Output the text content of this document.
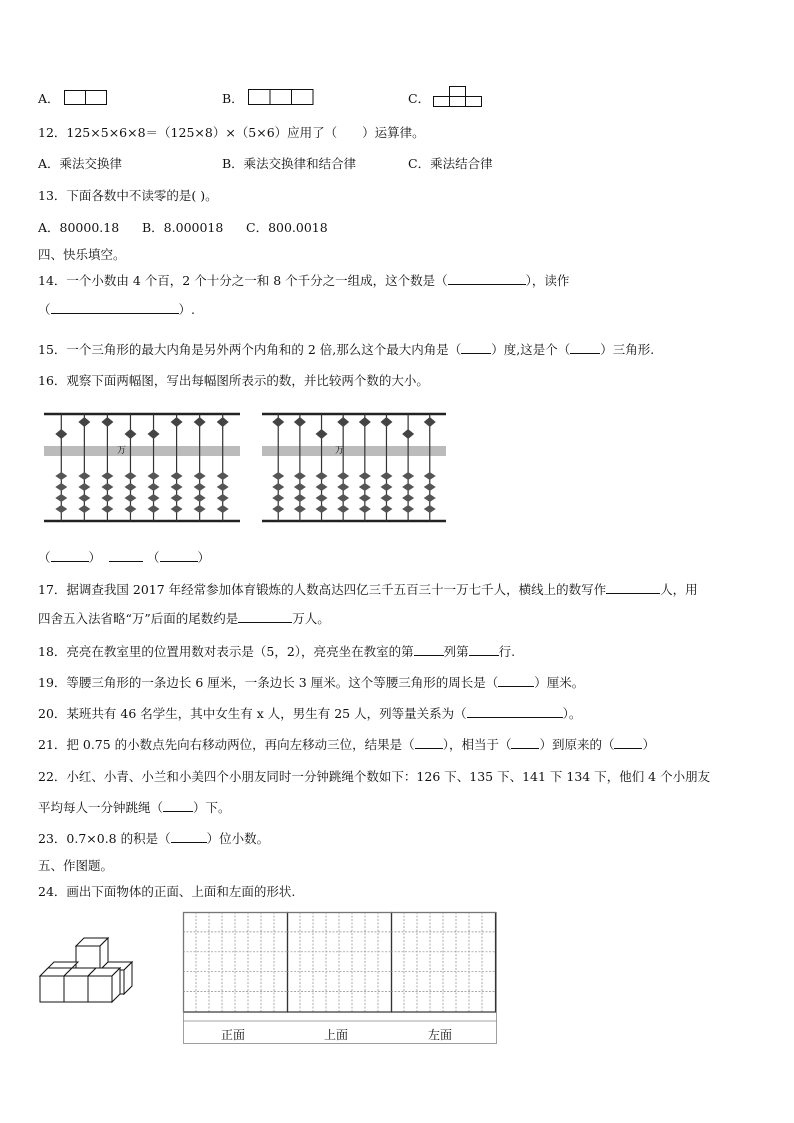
A．	B．	C．
12．125×5×6×8＝（125×8）×（5×6）应用了（　　）运算律。
A．乘法交换律	B．乘法交换律和结合律	C．乘法结合律
13．下面各数中不读零的是( )。
A．80000.18 B．8.000018 C．800.0018
四、快乐填空。
14．一个小数由 4 个百，2 个十分之一和 8 个千分之一组成，这个数是（	），读作
（	）.
15．一个三角形的最大内角是另外两个内角和的 2 倍,那么这个最大内角是（ ）度,这是个（ ）三角形.
16．观察下面两幅图，写出每幅图所表示的数，并比较两个数的大小。
万	万
（	）	（	）
17．据调查我国 2017 年经常参加体育锻炼的人数高达四亿三千五百三十一万七千人，横线上的数写作	人，用
四舍五入法省略“万”后面的尾数约是	万人。
18．亮亮在教室里的位置用数对表示是（5，2），亮亮坐在教室的第 列第 行.
19．等腰三角形的一条边长 6 厘米，一条边长 3 厘米。这个等腰三角形的周长是（	）厘米。
20．某班共有 46 名学生，其中女生有 x 人，男生有 25 人，列等量关系为（	）。
21．把 0.75 的小数点先向右移动两位，再向左移动三位，结果是（ ），相当于（ ）到原来的（ ）
22．小红、小青、小兰和小美四个小朋友同时一分钟跳绳个数如下：126 下、135 下、141 下 134 下，他们 4 个小朋友
平均每人一分钟跳绳（ ）下。
23．0.7×0.8 的积是（	）位小数。
五、作图题。
24．画出下面物体的正面、上面和左面的形状.
正面	上面	左面
